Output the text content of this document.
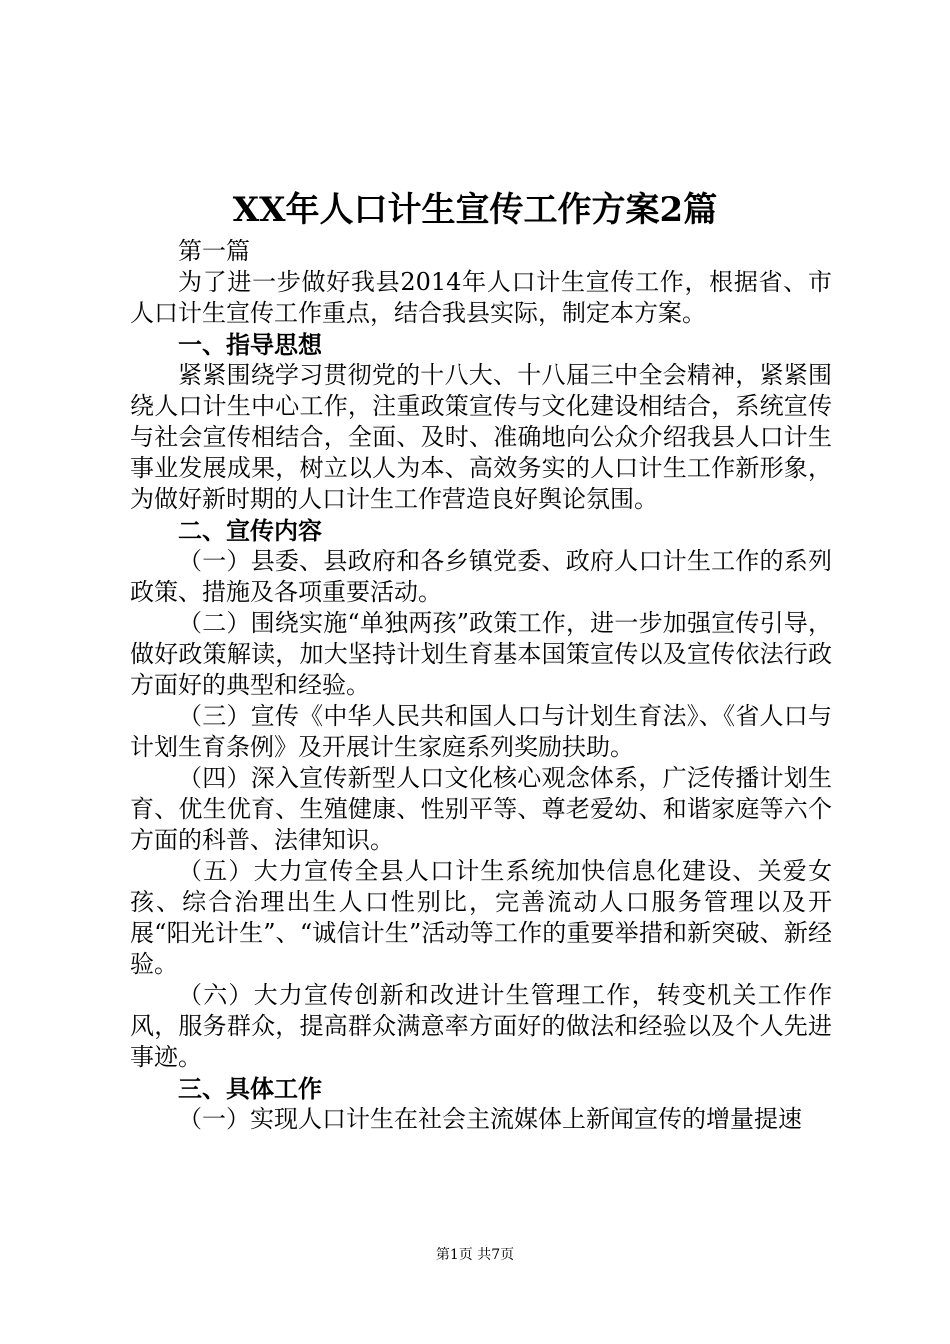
XX年人口计生宣传工作方案2篇

第一篇

为了进一步做好我县2014年人口计生宣传工作，根据省、市人口计生宣传工作重点，结合我县实际，制定本方案。

一、指导思想

紧紧围绕学习贯彻党的十八大、十八届三中全会精神，紧紧围绕人口计生中心工作，注重政策宣传与文化建设相结合，系统宣传与社会宣传相结合，全面、及时、准确地向公众介绍我县人口计生事业发展成果，树立以人为本、高效务实的人口计生工作新形象，为做好新时期的人口计生工作营造良好舆论氛围。

二、宣传内容

（一）县委、县政府和各乡镇党委、政府人口计生工作的系列政策、措施及各项重要活动。

（二）围绕实施“单独两孩”政策工作，进一步加强宣传引导，做好政策解读，加大坚持计划生育基本国策宣传以及宣传依法行政方面好的典型和经验。

（三）宣传《中华人民共和国人口与计划生育法》、《省人口与计划生育条例》及开展计生家庭系列奖励扶助。

（四）深入宣传新型人口文化核心观念体系，广泛传播计划生育、优生优育、生殖健康、性别平等、尊老爱幼、和谐家庭等六个方面的科普、法律知识。

（五）大力宣传全县人口计生系统加快信息化建设、关爱女孩、综合治理出生人口性别比，完善流动人口服务管理以及开展“阳光计生”、“诚信计生”活动等工作的重要举措和新突破、新经验。

（六）大力宣传创新和改进计生管理工作，转变机关工作作风，服务群众，提高群众满意率方面好的做法和经验以及个人先进事迹。

三、具体工作

（一）实现人口计生在社会主流媒体上新闻宣传的增量提速

第1页 共7页
